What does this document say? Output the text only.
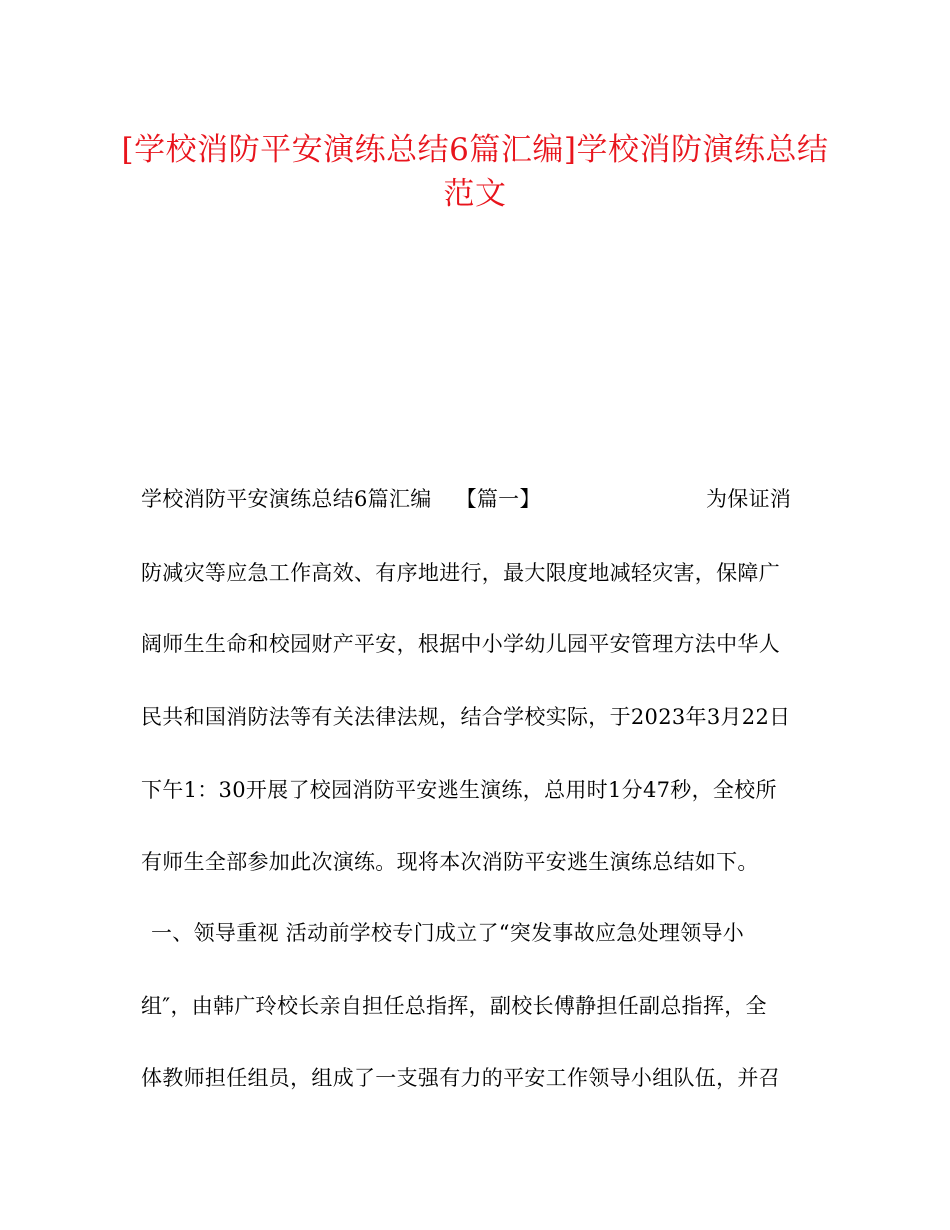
[学校消防平安演练总结6篇汇编]学校消防演练总结
范文
学校消防平安演练总结6篇汇编 【篇一】	为保证消
防减灾等应急工作高效、有序地进行，最大限度地减轻灾害，保障广
阔师生生命和校园财产平安，根据中小学幼儿园平安管理方法中华人
民共和国消防法等有关法律法规，结合学校实际，于2023年3月22日
下午1：30开展了校园消防平安逃生演练，总用时1分47秒，全校所
有师生全部参加此次演练。现将本次消防平安逃生演练总结如下。
一、领导重视 活动前学校专门成立了“突发事故应急处理领导小
组″，由韩广玲校长亲自担任总指挥，副校长傅静担任副总指挥，全
体教师担任组员，组成了一支强有力的平安工作领导小组队伍，并召
